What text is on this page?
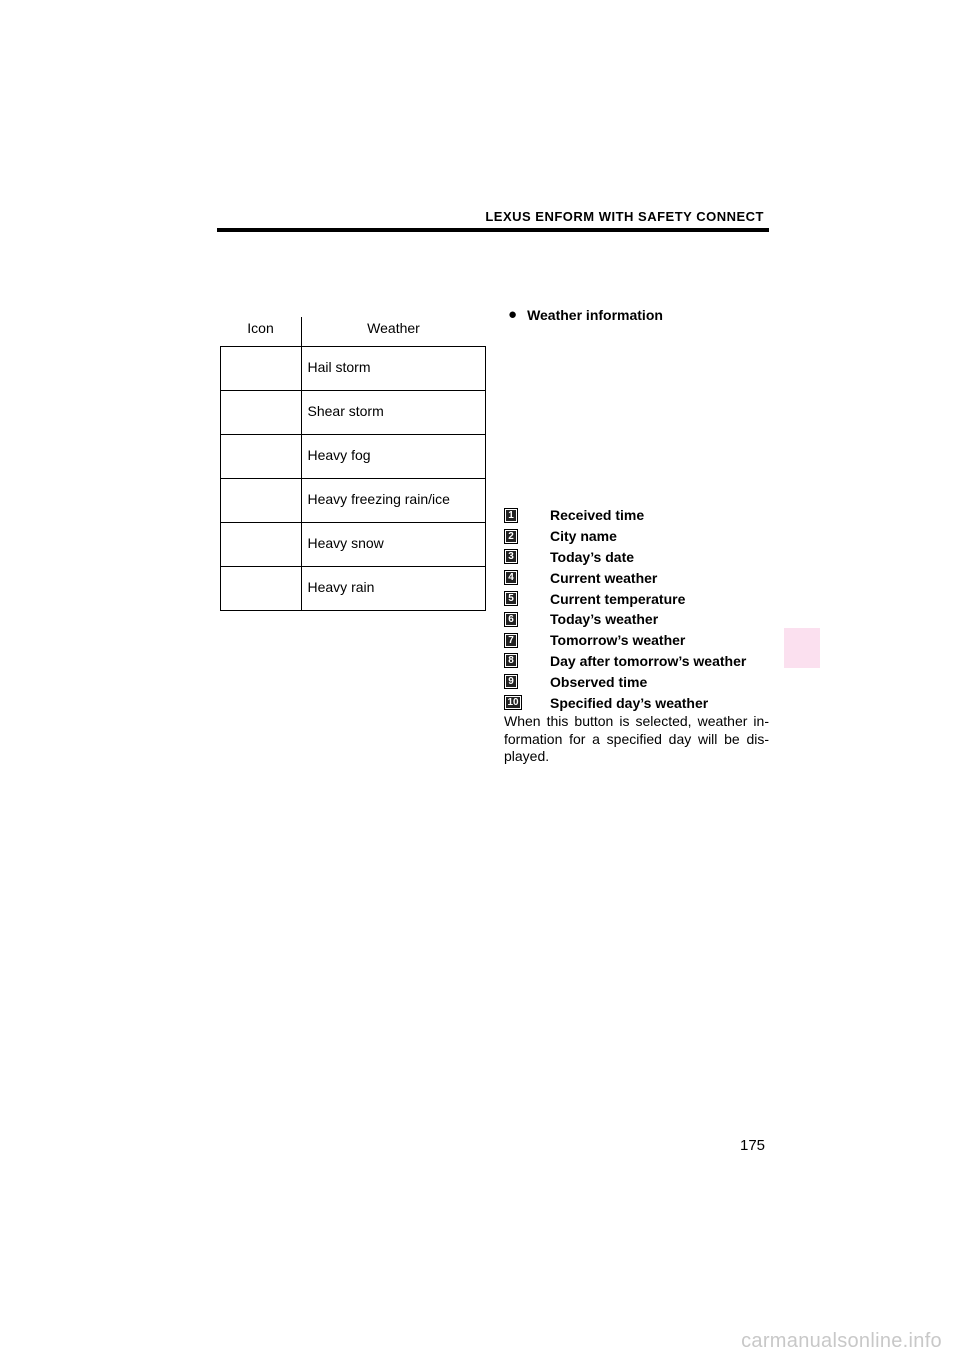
LEXUS ENFORM WITH SAFETY CONNECT
Icon	Weather
	Hail storm
	Shear storm
	Heavy fog
	Heavy freezing rain/ice
	Heavy snow
	Heavy rain
● Weather information
1	Received time
2	City name
3	Today’s date
4	Current weather
5	Current temperature
6	Today’s weather
7	Tomorrow’s weather
8	Day after tomorrow’s weather
9	Observed time
10 Specified day’s weather
When this button is selected, weather in-formation for a specified day will be dis-played.
175
carmanualsonline.info
